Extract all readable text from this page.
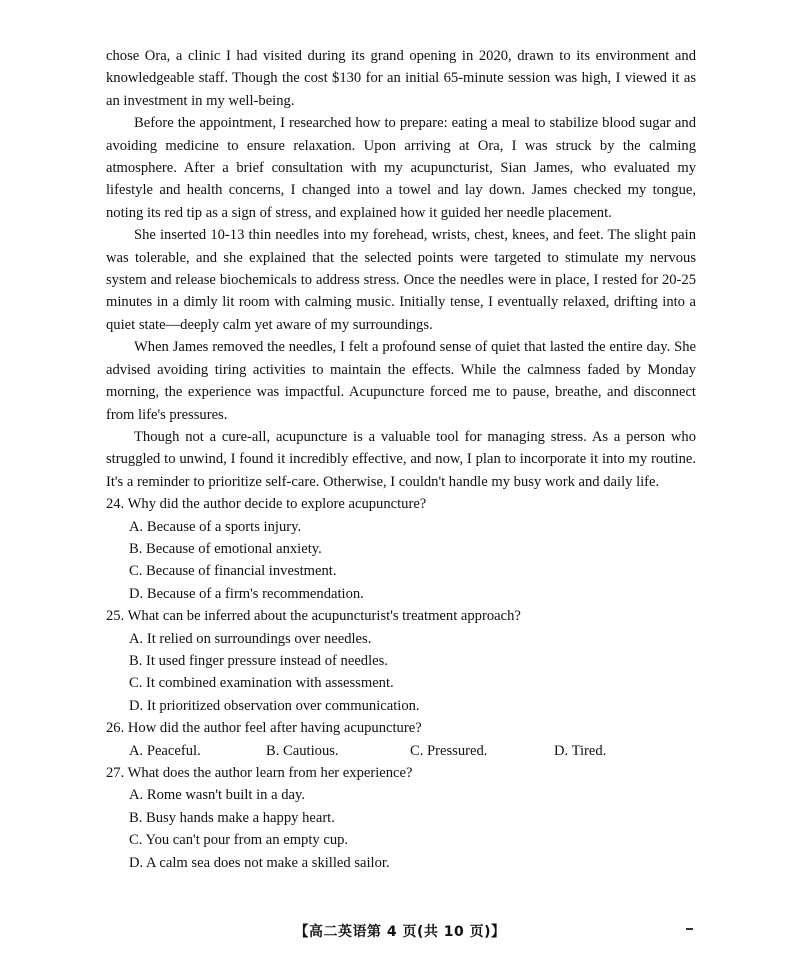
chose Ora, a clinic I had visited during its grand opening in 2020, drawn to its environment and knowledgeable staff. Though the cost $130 for an initial 65-minute session was high, I viewed it as an investment in my well-being.

Before the appointment, I researched how to prepare: eating a meal to stabilize blood sugar and avoiding medicine to ensure relaxation. Upon arriving at Ora, I was struck by the calming atmosphere. After a brief consultation with my acupuncturist, Sian James, who evaluated my lifestyle and health concerns, I changed into a towel and lay down. James checked my tongue, noting its red tip as a sign of stress, and explained how it guided her needle placement.

She inserted 10-13 thin needles into my forehead, wrists, chest, knees, and feet. The slight pain was tolerable, and she explained that the selected points were targeted to stimulate my nervous system and release biochemicals to address stress. Once the needles were in place, I rested for 20-25 minutes in a dimly lit room with calming music. Initially tense, I eventually relaxed, drifting into a quiet state—deeply calm yet aware of my surroundings.

When James removed the needles, I felt a profound sense of quiet that lasted the entire day. She advised avoiding tiring activities to maintain the effects. While the calmness faded by Monday morning, the experience was impactful. Acupuncture forced me to pause, breathe, and disconnect from life's pressures.

Though not a cure-all, acupuncture is a valuable tool for managing stress. As a person who struggled to unwind, I found it incredibly effective, and now, I plan to incorporate it into my routine. It's a reminder to prioritize self-care. Otherwise, I couldn't handle my busy work and daily life.

24. Why did the author decide to explore acupuncture?

A. Because of a sports injury.

B. Because of emotional anxiety.

C. Because of financial investment.

D. Because of a firm's recommendation.

25. What can be inferred about the acupuncturist's treatment approach?

A. It relied on surroundings over needles.

B. It used finger pressure instead of needles.

C. It combined examination with assessment.

D. It prioritized observation over communication.

26. How did the author feel after having acupuncture?

A. Peaceful.	B. Cautious.	C. Pressured.	D. Tired.

27. What does the author learn from her experience?

A. Rome wasn't built in a day.

B. Busy hands make a happy heart.

C. You can't pour from an empty cup.

D. A calm sea does not make a skilled sailor.

【高二英语第 4 页(共 10 页)】
